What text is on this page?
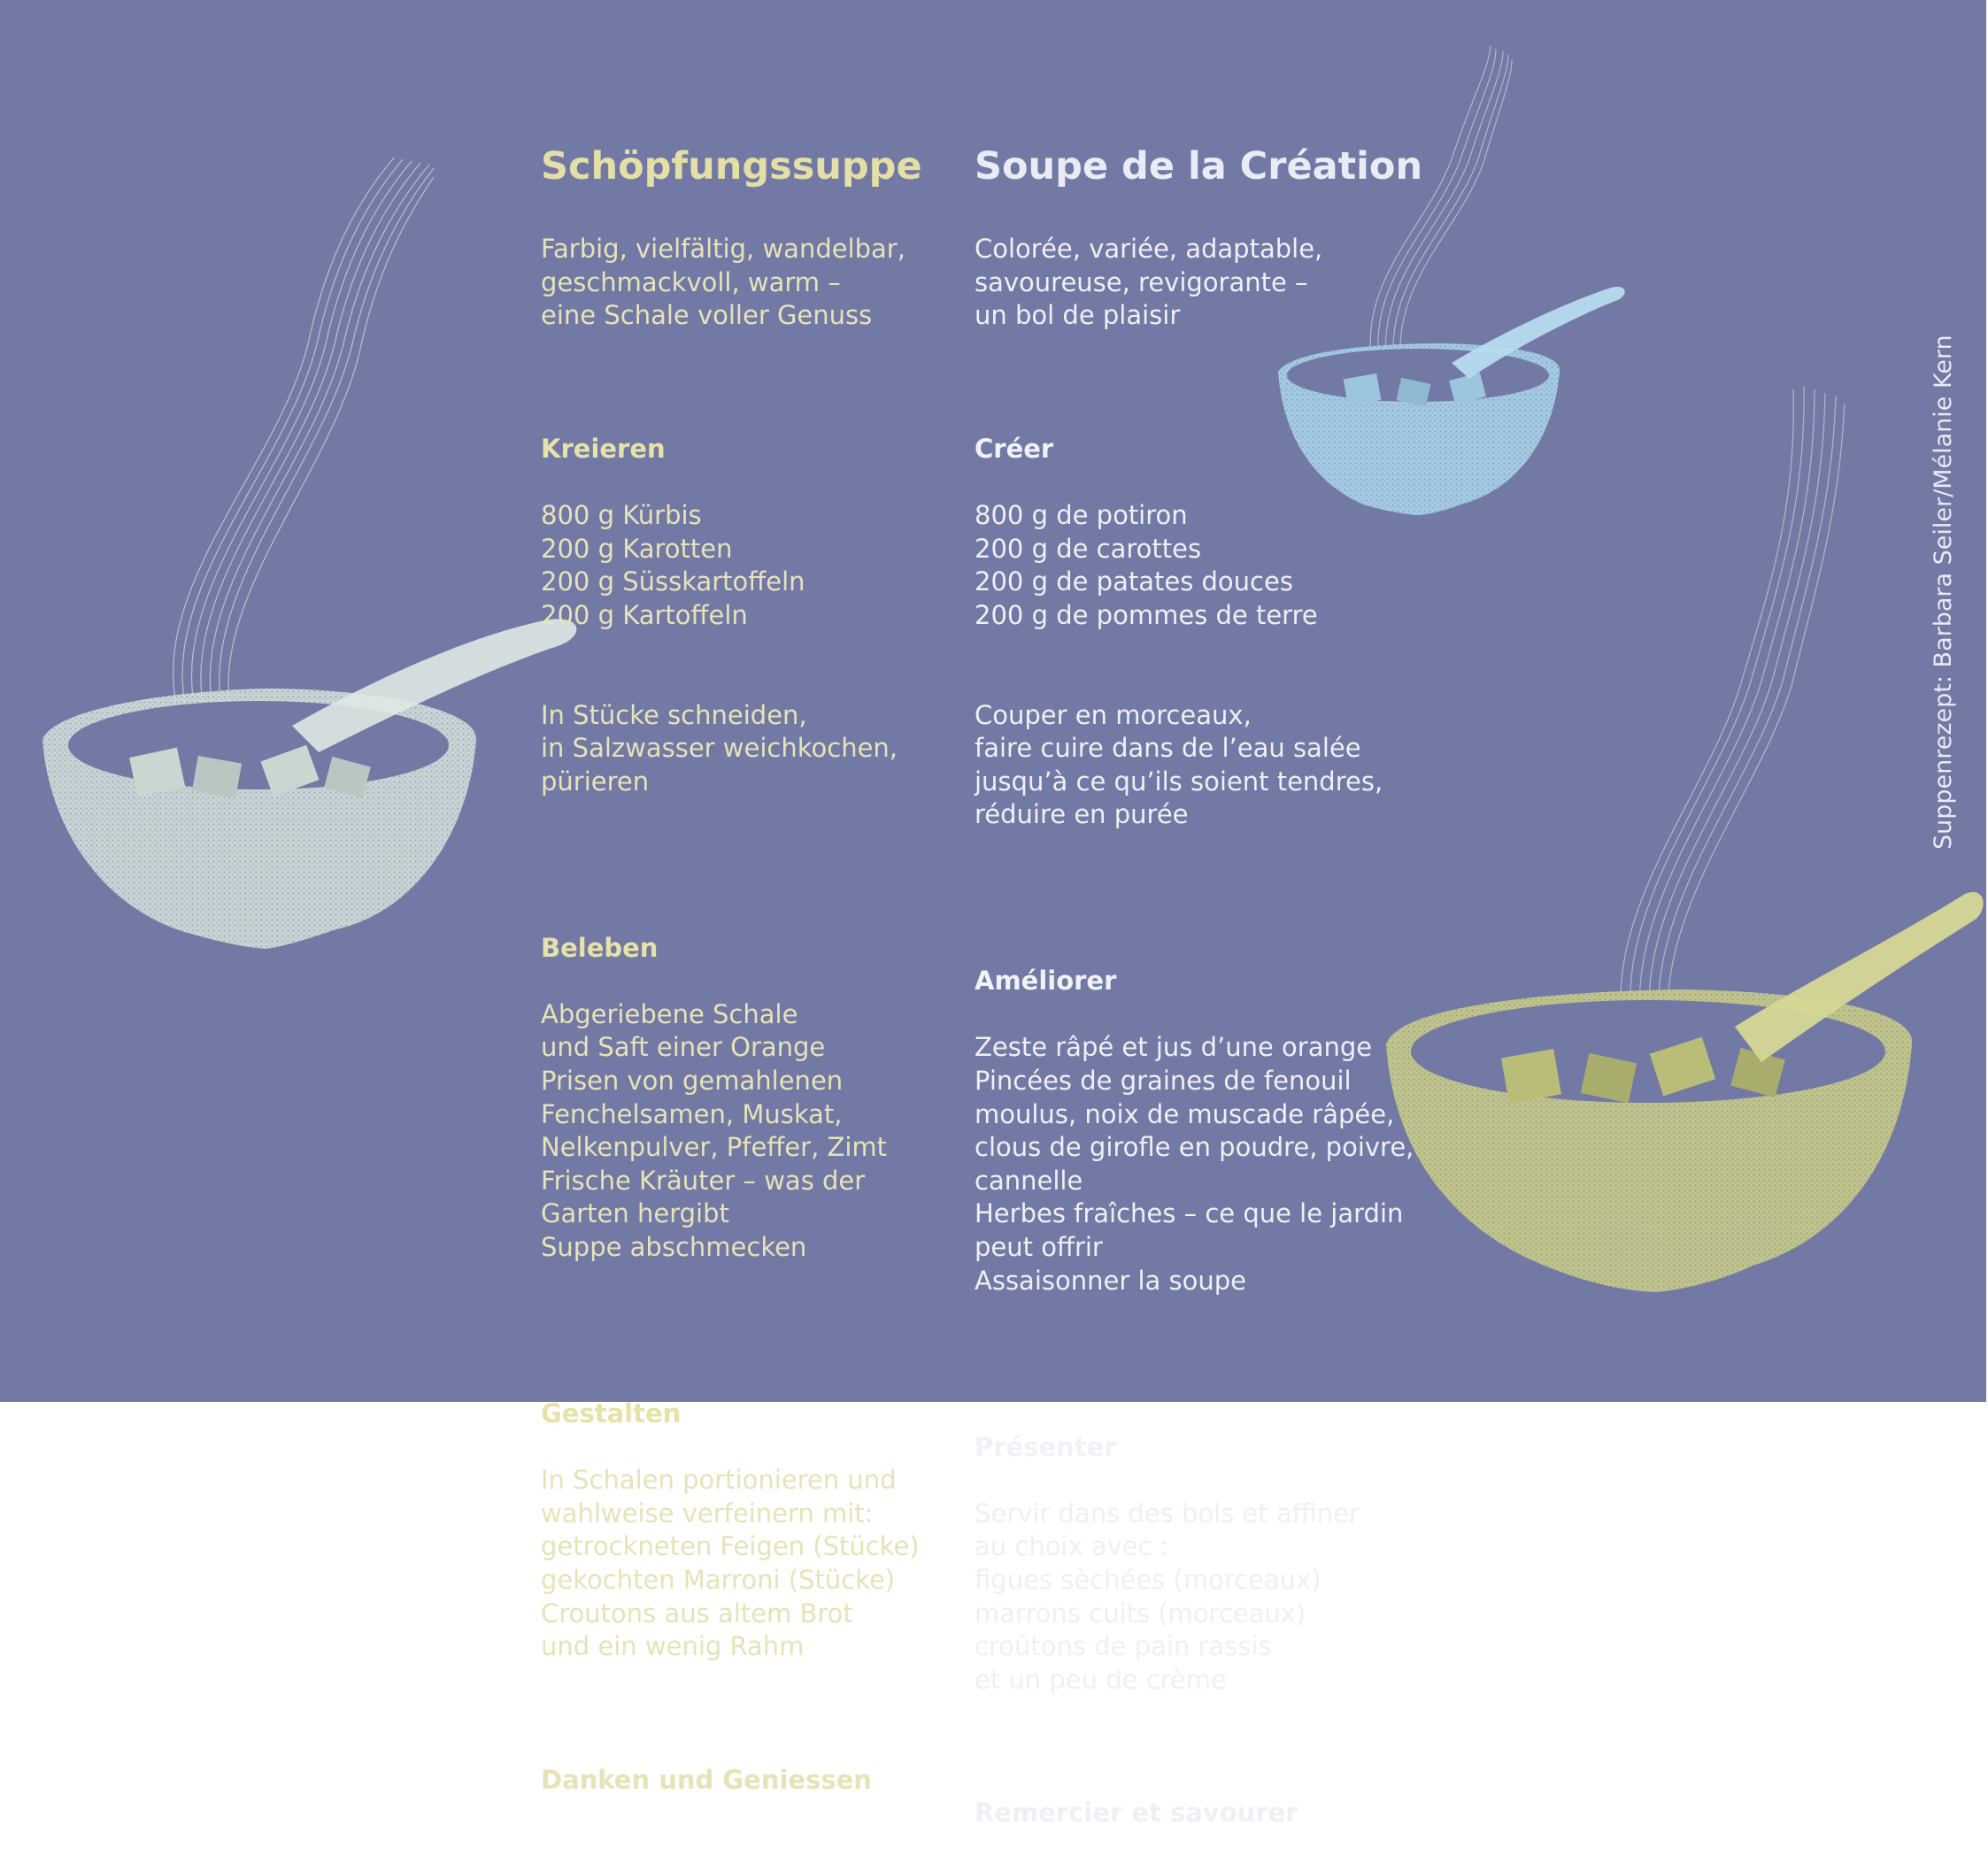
Schöpfungssuppe

Farbig, vielfältig, wandelbar,
geschmackvoll, warm –
eine Schale voller Genuss

Kreieren

800 g Kürbis
200 g Karotten
200 g Süsskartoffeln
200 g Kartoffeln

In Stücke schneiden,
in Salzwasser weichkochen,
pürieren

Beleben

Abgeriebene Schale
und Saft einer Orange
Prisen von gemahlenen
Fenchelsamen, Muskat,
Nelkenpulver, Pfeffer, Zimt
Frische Kräuter – was der
Garten hergibt
Suppe abschmecken

Gestalten

In Schalen portionieren und
wahlweise verfeinern mit:
getrockneten Feigen (Stücke)
gekochten Marroni (Stücke)
Croutons aus altem Brot
und ein wenig Rahm

Danken und Geniessen

Soupe de la Création

Colorée, variée, adaptable,
savoureuse, revigorante –
un bol de plaisir

Créer

800 g de potiron
200 g de carottes
200 g de patates douces
200 g de pommes de terre

Couper en morceaux,
faire cuire dans de l’eau salée
jusqu’à ce qu’ils soient tendres,
réduire en purée

Améliorer

Zeste râpé et jus d’une orange
Pincées de graines de fenouil
moulus, noix de muscade râpée,
clous de girofle en poudre, poivre,
cannelle
Herbes fraîches – ce que le jardin
peut offrir
Assaisonner la soupe

Présenter

Servir dans des bols et affiner
au choix avec :
figues sèchées (morceaux)
marrons cuits (morceaux)
croûtons de pain rassis
et un peu de crème

Remercier et savourer

Suppenrezept: Barbara Seiler/Mélanie Kern
